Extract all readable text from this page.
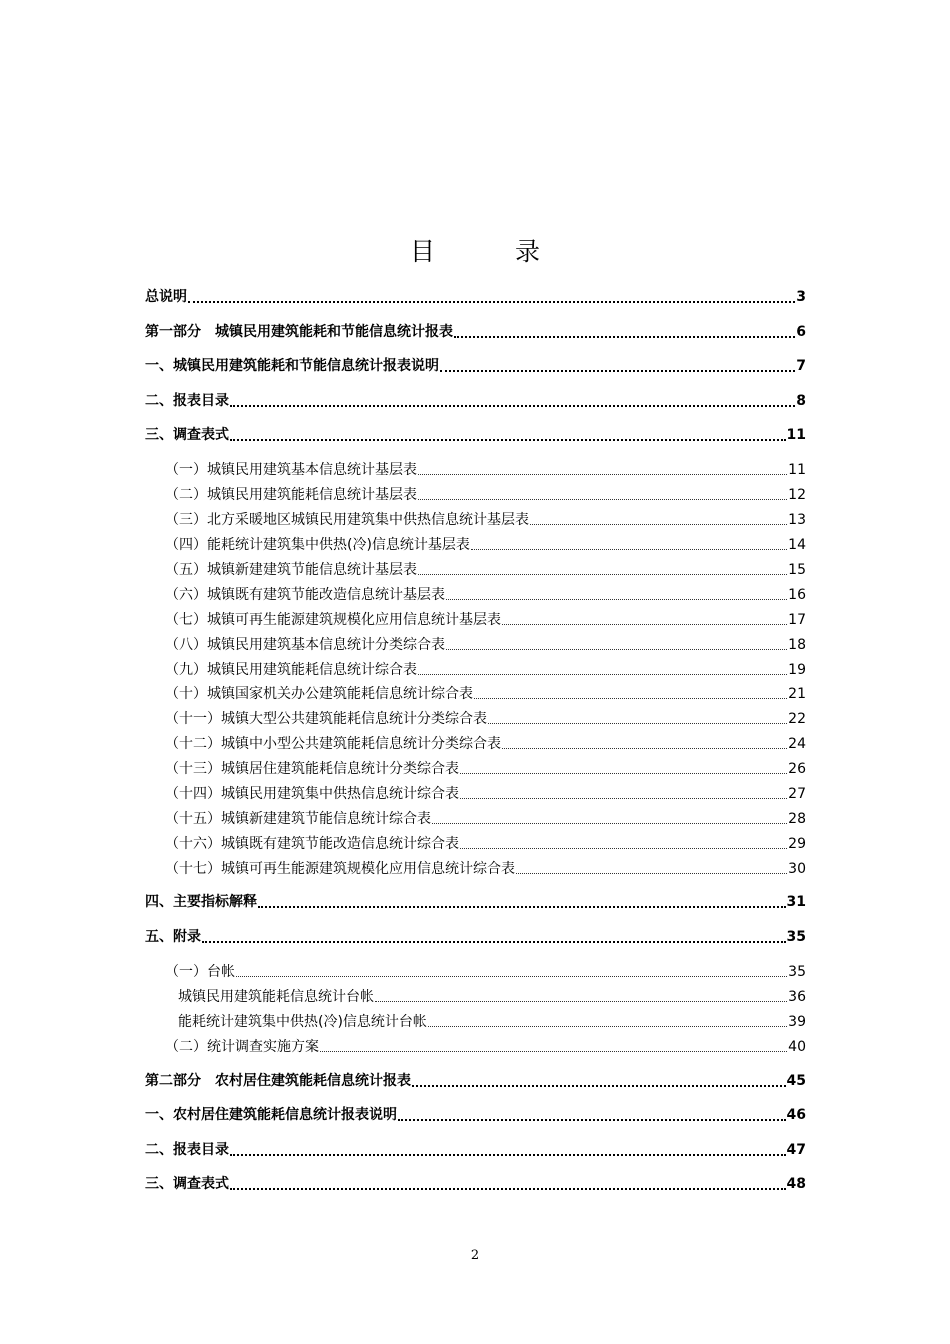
目 录
总说明	3
第一部分　城镇民用建筑能耗和节能信息统计报表	6
一、城镇民用建筑能耗和节能信息统计报表说明	7
二、报表目录	8
三、调查表式	11
（一）城镇民用建筑基本信息统计基层表	11
（二）城镇民用建筑能耗信息统计基层表	12
（三）北方采暖地区城镇民用建筑集中供热信息统计基层表	13
（四）能耗统计建筑集中供热(冷)信息统计基层表	14
（五）城镇新建建筑节能信息统计基层表	15
（六）城镇既有建筑节能改造信息统计基层表	16
（七）城镇可再生能源建筑规模化应用信息统计基层表	17
（八）城镇民用建筑基本信息统计分类综合表	18
（九）城镇民用建筑能耗信息统计综合表	19
（十）城镇国家机关办公建筑能耗信息统计综合表	21
（十一）城镇大型公共建筑能耗信息统计分类综合表	22
（十二）城镇中小型公共建筑能耗信息统计分类综合表	24
（十三）城镇居住建筑能耗信息统计分类综合表	26
（十四）城镇民用建筑集中供热信息统计综合表	27
（十五）城镇新建建筑节能信息统计综合表	28
（十六）城镇既有建筑节能改造信息统计综合表	29
（十七）城镇可再生能源建筑规模化应用信息统计综合表	30
四、主要指标解释	31
五、附录	35
（一）台帐	35
城镇民用建筑能耗信息统计台帐	36
能耗统计建筑集中供热(冷)信息统计台帐	39
（二）统计调查实施方案	40
第二部分　农村居住建筑能耗信息统计报表	45
一、农村居住建筑能耗信息统计报表说明	46
二、报表目录	47
三、调查表式	48
2
